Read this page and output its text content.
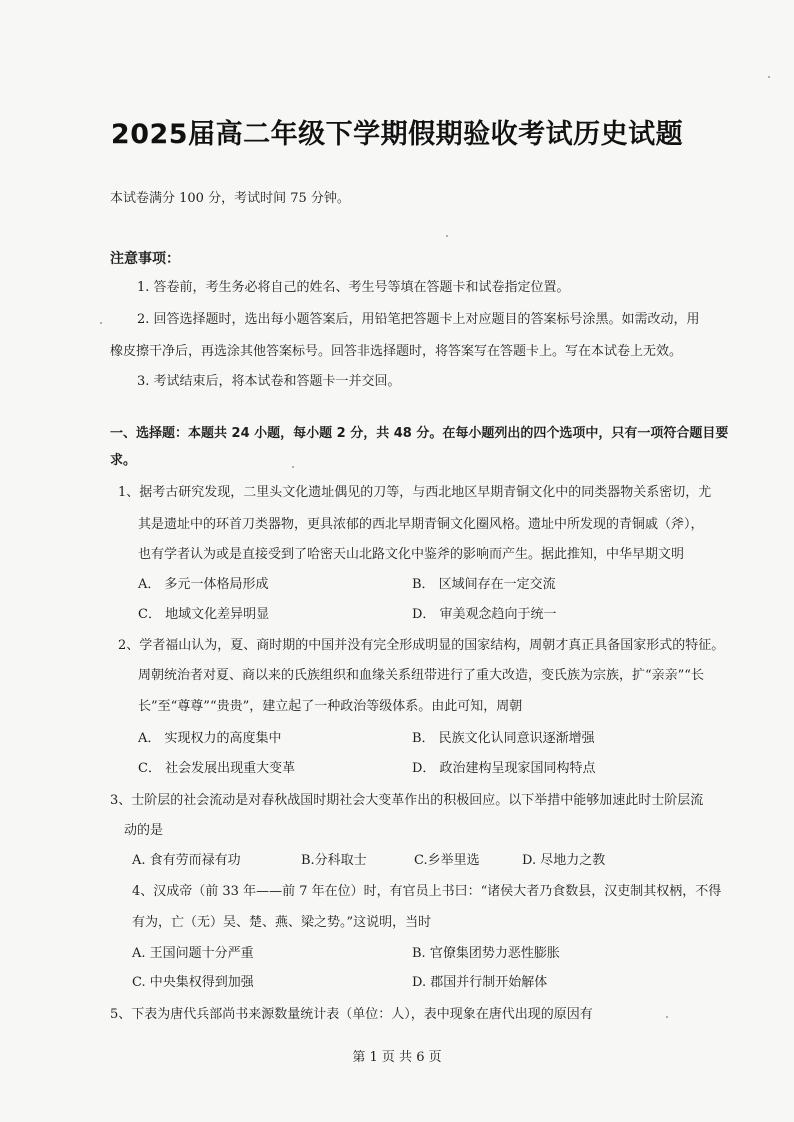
2025届高二年级下学期假期验收考试历史试题
本试卷满分 100 分，考试时间 75 分钟。
注意事项：
1. 答卷前，考生务必将自己的姓名、考生号等填在答题卡和试卷指定位置。
2. 回答选择题时，选出每小题答案后，用铅笔把答题卡上对应题目的答案标号涂黑。如需改动，用
橡皮擦干净后，再选涂其他答案标号。回答非选择题时，将答案写在答题卡上。写在本试卷上无效。
3. 考试结束后，将本试卷和答题卡一并交回。
一、选择题：本题共 24 小题，每小题 2 分，共 48 分。在每小题列出的四个选项中，只有一项符合题目要
求。
1、据考古研究发现，二里头文化遗址偶见的刀等，与西北地区早期青铜文化中的同类器物关系密切，尤
其是遗址中的环首刀类器物，更具浓郁的西北早期青铜文化圈风格。遗址中所发现的青铜戚（斧），
也有学者认为或是直接受到了哈密天山北路文化中鉴斧的影响而产生。据此推知，中华早期文明
A． 多元一体格局形成	B． 区域间存在一定交流
C． 地域文化差异明显	D． 审美观念趋向于统一
2、学者福山认为，夏、商时期的中国并没有完全形成明显的国家结构，周朝才真正具备国家形式的特征。
周朝统治者对夏、商以来的氏族组织和血缘关系纽带进行了重大改造，变氏族为宗族，扩“亲亲”“长
长”至“尊尊”“贵贵”，建立起了一种政治等级体系。由此可知，周朝
A． 实现权力的高度集中	B． 民族文化认同意识逐渐增强
C． 社会发展出现重大变革	D． 政治建构呈现家国同构特点
3、士阶层的社会流动是对春秋战国时期社会大变革作出的积极回应。以下举措中能够加速此时士阶层流
动的是
A. 食有劳而禄有功	B.分科取士	C.乡举里选	D. 尽地力之教
4、汉成帝（前 33 年——前 7 年在位）时，有官员上书曰：“诸侯大者乃食数县，汉吏制其权柄，不得
有为，亡（无）吴、楚、燕、梁之势。”这说明，当时
A. 王国问题十分严重	B. 官僚集团势力恶性膨胀
C. 中央集权得到加强	D. 郡国并行制开始解体
5、下表为唐代兵部尚书来源数量统计表（单位：人），表中现象在唐代出现的原因有
第 1 页 共 6 页
